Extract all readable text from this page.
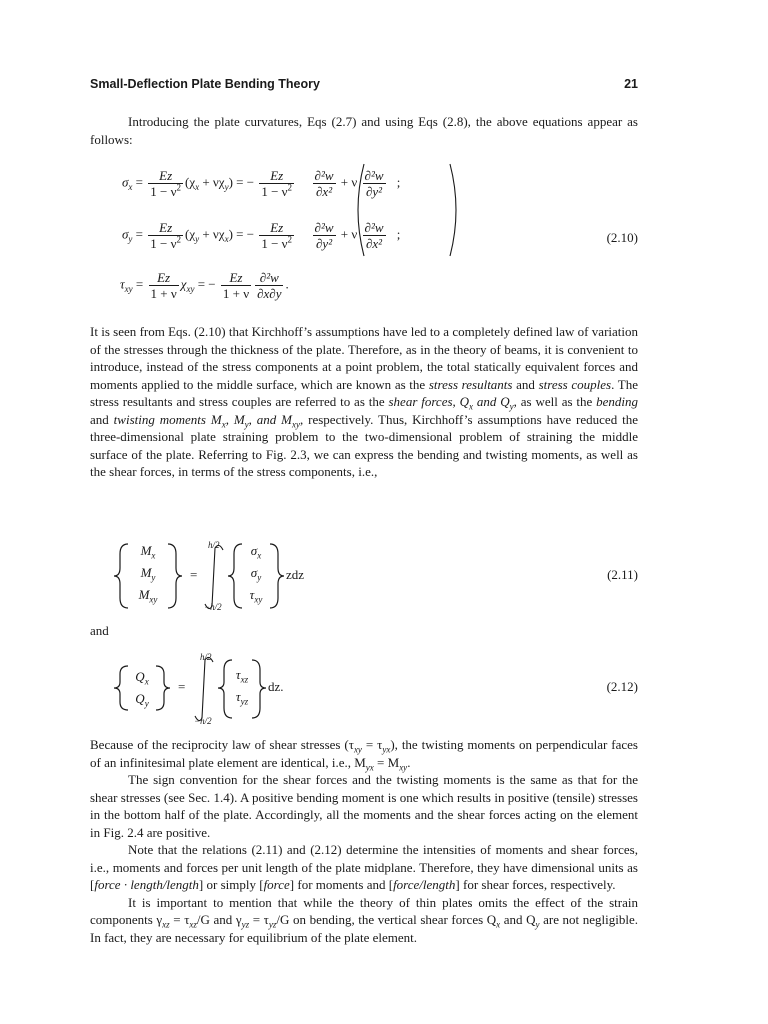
Small-Deflection Plate Bending Theory	21

Introducing the plate curvatures, Eqs (2.7) and using Eqs (2.8), the above equations appear as follows:

$\sigma_x = \frac{Ez}{1 - \nu^2} (\chi_x + \nu\chi_y)$ = − $\frac{Ez}{1 - \nu^2}$
$\frac{\text{∂²w}}{\text{∂x²}} + \nu \frac{\text{∂²w}}{\text{∂y²}}$ ;
$\sigma_y = \frac{Ez}{1 - \nu^2} (\chi_y + \nu\chi_x)$ = − $\frac{Ez}{1 - \nu^2}$
$\frac{\text{∂²w}}{\text{∂y²}} + \nu \frac{\text{∂²w}}{\text{∂x²}}$ ;
$\tau_{xy} = \frac{Ez}{1 + \nu} \chi_{xy}$ = − $\frac{Ez}{1 + \nu} \frac{\text{∂²w}}{\partial x\partial y}$ .
(2.10)

It is seen from Eqs. (2.10) that Kirchhoff’s assumptions have led to a completely defined law of variation of the stresses through the thickness of the plate. Therefore, as in the theory of beams, it is convenient to introduce, instead of the stress components at a point problem, the total statically equivalent forces and moments applied to the middle surface, which are known as the stress resultants and stress couples. The stress resultants and stress couples are referred to as the shear forces, $Q_x$ and $Q_y$, as well as the bending and twisting moments $M_x$, $M_y$, and $M_{xy}$, respectively. Thus, Kirchhoff’s assumptions have reduced the three-dimensional plate straining problem to the two-dimensional problem of straining the middle surface of the plate. Referring to Fig. 2.3, we can express the bending and twisting moments, as well as the shear forces, in terms of the stress components, i.e.,

$M_x$
$M_y$
$M_{xy}$
=
h/2
−h/2
$\sigma_x$
$\sigma_y$
$\tau_{xy}$
zdz	(2.11)

and

$Q_x$
$Q_y$
=
h/2
−h/2
$\tau_{xz}$
$\tau_{yz}$
dz.	(2.12)

Because of the reciprocity law of shear stresses $(\tau_{xy} = \tau_{yx})$, the twisting moments on perpendicular faces of an infinitesimal plate element are identical, i.e., $M_{yx} = M_{xy}$.

The sign convention for the shear forces and the twisting moments is the same as that for the shear stresses (see Sec. 1.4). A positive bending moment is one which results in positive (tensile) stresses in the bottom half of the plate. Accordingly, all the moments and the shear forces acting on the element in Fig. 2.4 are positive.

Note that the relations (2.11) and (2.12) determine the intensities of moments and shear forces, i.e., moments and forces per unit length of the plate midplane. Therefore, they have dimensional units as [force · length/length] or simply [force] for moments and [force/length] for shear forces, respectively.

It is important to mention that while the theory of thin plates omits the effect of the strain components $\gamma_{xz} = \tau_{xz}/G$ and $\gamma_{yz} = \tau_{yz}/G$ on bending, the vertical shear forces $Q_x$ and $Q_y$ are not negligible. In fact, they are necessary for equilibrium of the plate element.
